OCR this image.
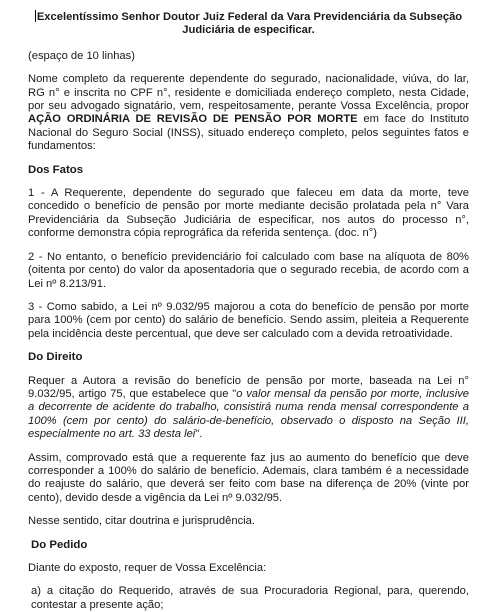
Excelentíssimo Senhor Doutor Juiz Federal da Vara Previdenciária da Subseção
Judiciária de especificar.

(espaço de 10 linhas)

Nome completo da requerente dependente do segurado, nacionalidade, viúva, do lar, RG n° e inscrita no CPF n°, residente e domiciliada endereço completo, nesta Cidade, por seu advogado signatário, vem, respeitosamente, perante Vossa Excelência, propor AÇÃO ORDINÁRIA DE REVISÃO DE PENSÃO POR MORTE em face do Instituto Nacional do Seguro Social (INSS), situado endereço completo, pelos seguintes fatos e fundamentos:

Dos Fatos

1 - A Requerente, dependente do segurado que faleceu em data da morte, teve concedido o benefício de pensão por morte mediante decisão prolatada pela n° Vara Previdenciária da Subseção Judiciária de especificar, nos autos do processo n°, conforme demonstra cópia reprográfica da referida sentença. (doc. n°)

2 - No entanto, o benefício previdenciário foi calculado com base na alíquota de 80% (oitenta por cento) do valor da aposentadoria que o segurado recebia, de acordo com a Lei nº 8.213/91.

3 - Como sabido, a Lei nº 9.032/95 majorou a cota do benefício de pensão por morte para 100% (cem por cento) do salário de benefício. Sendo assim, pleiteia a Requerente pela incidência deste percentual, que deve ser calculado com a devida retroatividade.

Do Direito

Requer a Autora a revisão do benefício de pensão por morte, baseada na Lei n° 9.032/95, artigo 75, que estabelece que "o valor mensal da pensão por morte, inclusive a decorrente de acidente do trabalho, consistirá numa renda mensal correspondente a 100% (cem por cento) do salário-de-benefício, observado o disposto na Seção III, especialmente no art. 33 desta lei".

Assim, comprovado está que a requerente faz jus ao aumento do benefício que deve corresponder a 100% do salário de benefício. Ademais, clara também é a necessidade do reajuste do salário, que deverá ser feito com base na diferença de 20% (vinte por cento), devido desde a vigência da Lei nº 9.032/95.

Nesse sentido, citar doutrina e jurisprudência.

Do Pedido

Diante do exposto, requer de Vossa Excelência:

a) a citação do Requerido, através de sua Procuradoria Regional, para, querendo, contestar a presente ação;
